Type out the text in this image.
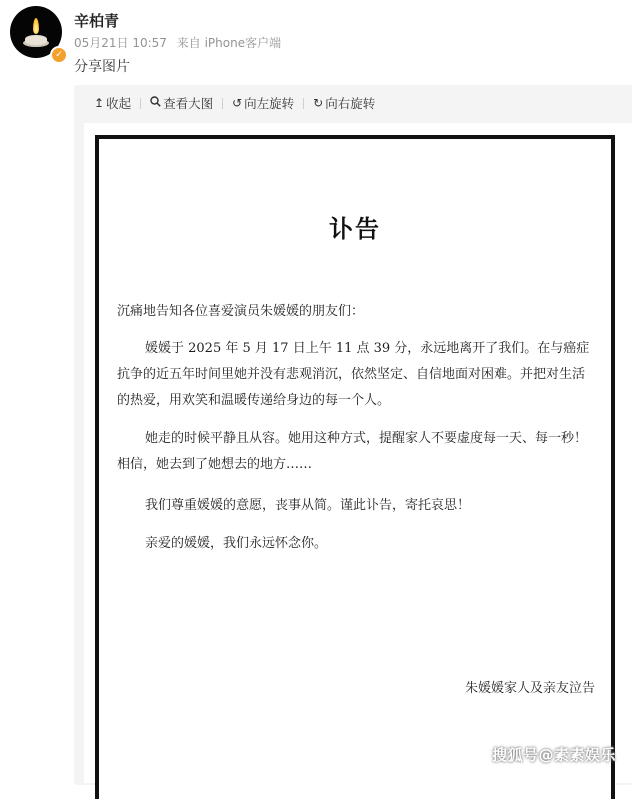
✓
辛柏青
05月21日 10:57 来自 iPhone客户端
分享图片
↥ 收起	查看大图 ↺ 向左旋转 ↻ 向右旋转
讣告
沉痛地告知各位喜爱演员朱媛媛的朋友们：
媛媛于 2025 年 5 月 17 日上午 11 点 39 分，永远地离开了我们。在与癌症抗争的近五年时间里她并没有悲观消沉，依然坚定、自信地面对困难。并把对生活的热爱，用欢笑和温暖传递给身边的每一个人。
她走的时候平静且从容。她用这种方式，提醒家人不要虚度每一天、每一秒！相信，她去到了她想去的地方……
我们尊重媛媛的意愿，丧事从简。谨此讣告，寄托哀思！
亲爱的媛媛，我们永远怀念你。
朱媛媛家人及亲友泣告
搜狐号@素素娱乐
